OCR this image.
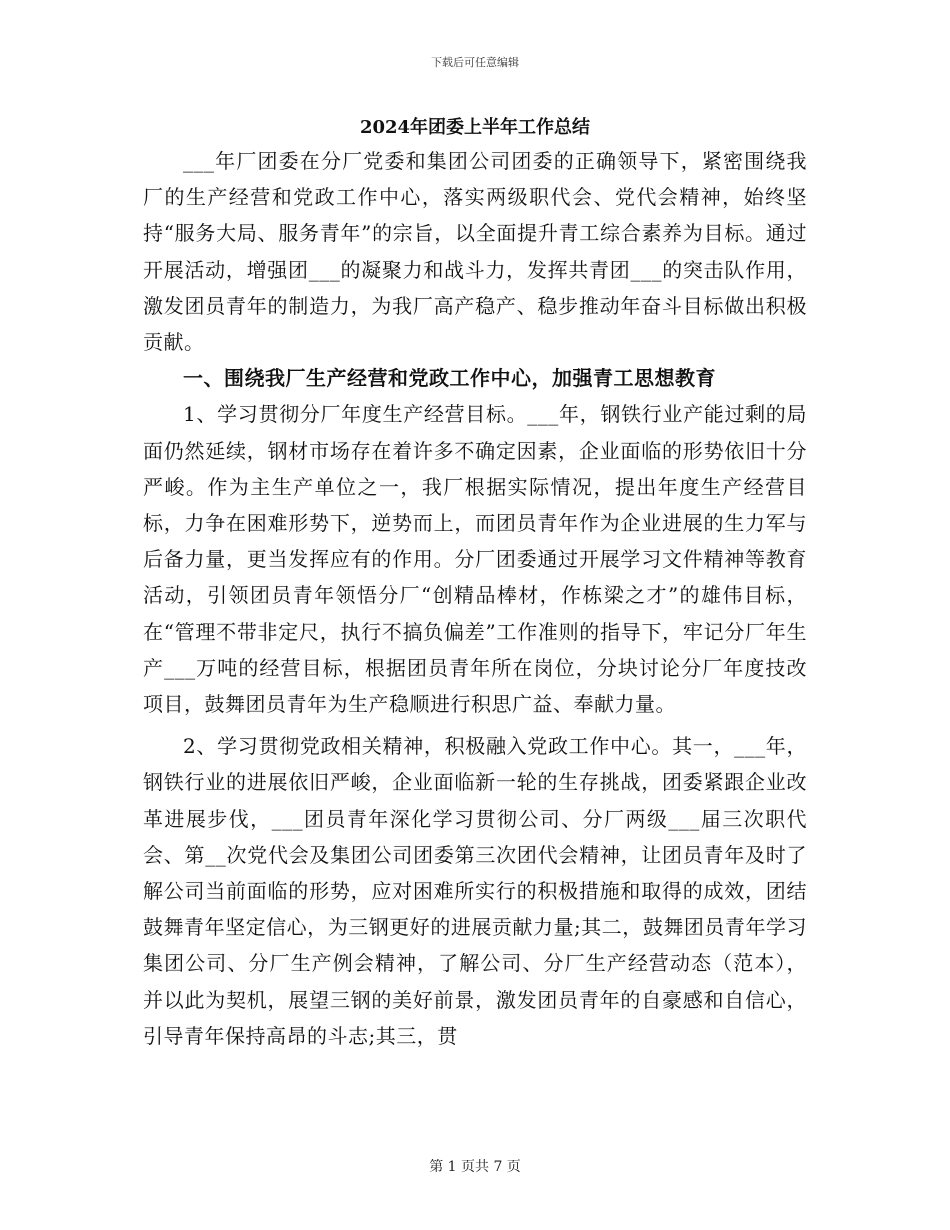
下载后可任意编辑
2024年团委上半年工作总结

___年厂团委在分厂党委和集团公司团委的正确领导下，紧密围绕我厂的生产经营和党政工作中心，落实两级职代会、党代会精神，始终坚持“服务大局、服务青年”的宗旨，以全面提升青工综合素养为目标。通过开展活动，增强团___的凝聚力和战斗力，发挥共青团___的突击队作用，激发团员青年的制造力，为我厂高产稳产、稳步推动年奋斗目标做出积极贡献。

一、围绕我厂生产经营和党政工作中心，加强青工思想教育

1、学习贯彻分厂年度生产经营目标。___年，钢铁行业产能过剩的局面仍然延续，钢材市场存在着许多不确定因素，企业面临的形势依旧十分严峻。作为主生产单位之一，我厂根据实际情况，提出年度生产经营目标，力争在困难形势下，逆势而上，而团员青年作为企业进展的生力军与后备力量，更当发挥应有的作用。分厂团委通过开展学习文件精神等教育活动，引领团员青年领悟分厂“创精品棒材，作栋梁之才”的雄伟目标，在“管理不带非定尺，执行不搞负偏差”工作准则的指导下，牢记分厂年生产___万吨的经营目标，根据团员青年所在岗位，分块讨论分厂年度技改项目，鼓舞团员青年为生产稳顺进行积思广益、奉献力量。

2、学习贯彻党政相关精神，积极融入党政工作中心。其一，___年，钢铁行业的进展依旧严峻，企业面临新一轮的生存挑战，团委紧跟企业改革进展步伐，___团员青年深化学习贯彻公司、分厂两级___届三次职代会、第__次党代会及集团公司团委第三次团代会精神，让团员青年及时了解公司当前面临的形势，应对困难所实行的积极措施和取得的成效，团结鼓舞青年坚定信心，为三钢更好的进展贡献力量;其二，鼓舞团员青年学习集团公司、分厂生产例会精神，了解公司、分厂生产经营动态（范本），并以此为契机，展望三钢的美好前景，激发团员青年的自豪感和自信心，引导青年保持高昂的斗志;其三，贯

第 1 页共 7 页
